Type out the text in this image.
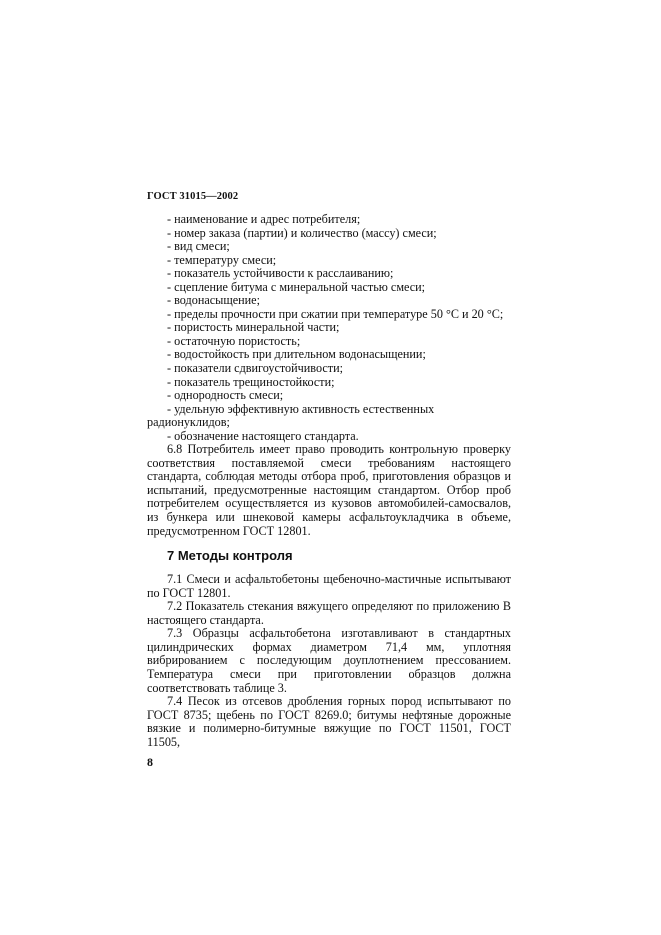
ГОСТ 31015—2002
- наименование и адрес потребителя;
- номер заказа (партии) и количество (массу) смеси;
- вид смеси;
- температуру смеси;
- показатель устойчивости к расслаиванию;
- сцепление битума с минеральной частью смеси;
- водонасыщение;
- пределы прочности при сжатии при температуре 50 °С и 20 °С;
- пористость минеральной части;
- остаточную пористость;
- водостойкость при длительном водонасыщении;
- показатели сдвигоустойчивости;
- показатель трещиностойкости;
- однородность смеси;
- удельную эффективную активность естественных радионуклидов;
- обозначение настоящего стандарта.

6.8 Потребитель имеет право проводить контрольную проверку соответствия поставляемой смеси требованиям настоящего стандарта, соблюдая методы отбора проб, приготовления образцов и испытаний, предусмотренные настоящим стандартом. Отбор проб потребителем осуществляется из кузовов автомобилей-самосвалов, из бункера или шнековой камеры асфальтоукладчика в объеме, предусмотренном ГОСТ 12801.

7 Методы контроля

7.1 Смеси и асфальтобетоны щебеночно-мастичные испытывают по ГОСТ 12801.

7.2 Показатель стекания вяжущего определяют по приложению В настоящего стандарта.

7.3 Образцы асфальтобетона изготавливают в стандартных цилиндрических формах диаметром 71,4 мм, уплотняя вибрированием с последующим доуплотнением прессованием. Температура смеси при приготовлении образцов должна соответствовать таблице 3.

7.4 Песок из отсевов дробления горных пород испытывают по ГОСТ 8735; щебень по ГОСТ 8269.0; битумы нефтяные дорожные вязкие и полимерно-битумные вяжущие по ГОСТ 11501, ГОСТ 11505,

8
